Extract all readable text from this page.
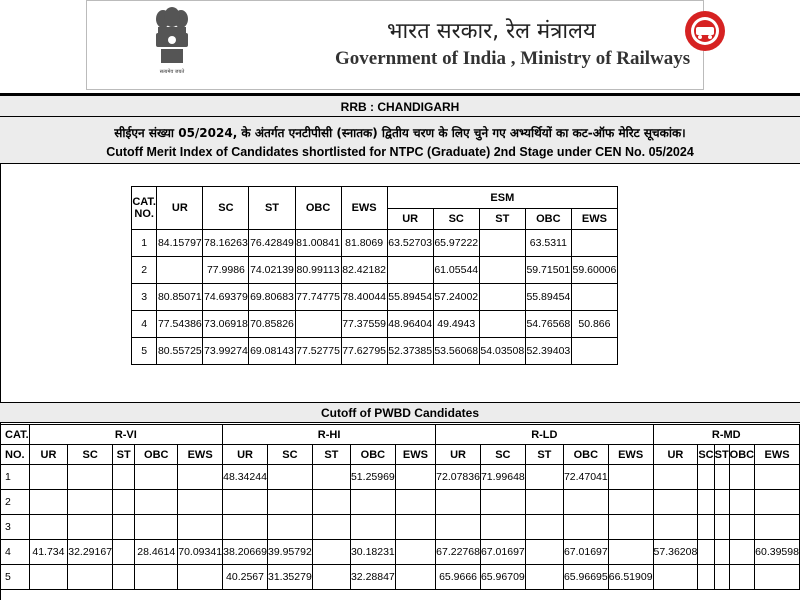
सत्यमेव जयते
भारत सरकार, रेल मंत्रालय
Government of India , Ministry of Railways
RRB : CHANDIGARH
सीईएन संख्या 05/2024, के अंतर्गत एनटीपीसी (स्नातक) द्वितीय चरण के लिए चुने गए अभ्यर्थियों का कट-ऑफ मेरिट सूचकांक।
Cutoff Merit Index of Candidates shortlisted for NTPC (Graduate) 2nd Stage under CEN No. 05/2024
CAT.
NO.	UR	SC	ST	OBC	EWS	ESM				
						UR	SC	ST	OBC	EWS
1	84.15797	78.16263	76.42849	81.00841	81.8069	63.52703	65.97222		63.5311	
2		77.9986	74.02139	80.99113	82.42182		61.05544		59.71501	59.60006
3	80.85071	74.69379	69.80683	77.74775	78.40044	55.89454	57.24002		55.89454	
4	77.54386	73.06918	70.85826		77.37559	48.96404	49.4943		54.76568	50.866
5	80.55725	73.99274	69.08143	77.52775	77.62795	52.37385	53.56068	54.03508	52.39403	
Cutoff of PWBD Candidates
CAT.	R-VI					R-HI					R-LD					R-MD				
NO.	UR	SC	ST	OBC	EWS	UR	SC	ST	OBC	EWS	UR	SC	ST	OBC	EWS	UR	SC	ST	OBC	EWS
1						48.34244			51.25969		72.07836	71.99648		72.47041						
2																				
3																				
4	41.734	32.29167		28.4614	70.09341	38.20669	39.95792		30.18231		67.22768	67.01697		67.01697		57.36208				60.39598
5						40.2567	31.35279		32.28847		65.9666	65.96709		65.96695	66.51909					
